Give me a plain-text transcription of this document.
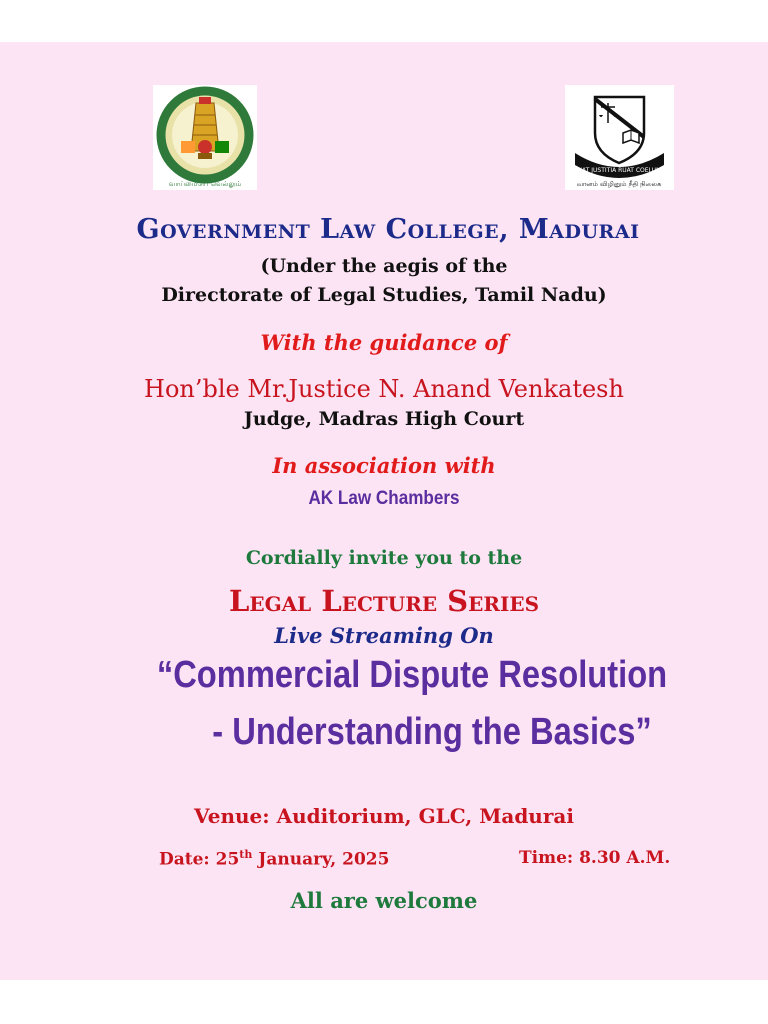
வாய்மையே வெல்லும்
FIAT JUSTITIA RUAT COELUM
வானம் விழினும் நீதி நிலைக
Government Law College, Madurai
(Under the aegis of the
Directorate of Legal Studies, Tamil Nadu)
With the guidance of
Hon’ble Mr.Justice N. Anand Venkatesh
Judge, Madras High Court
In association with
AK Law Chambers
Cordially invite you to the
Legal Lecture Series
Live Streaming On
“Commercial Dispute Resolution
- Understanding the Basics”
Venue: Auditorium, GLC, Madurai
Date: 25th January, 2025	Time: 8.30 A.M.
All are welcome
